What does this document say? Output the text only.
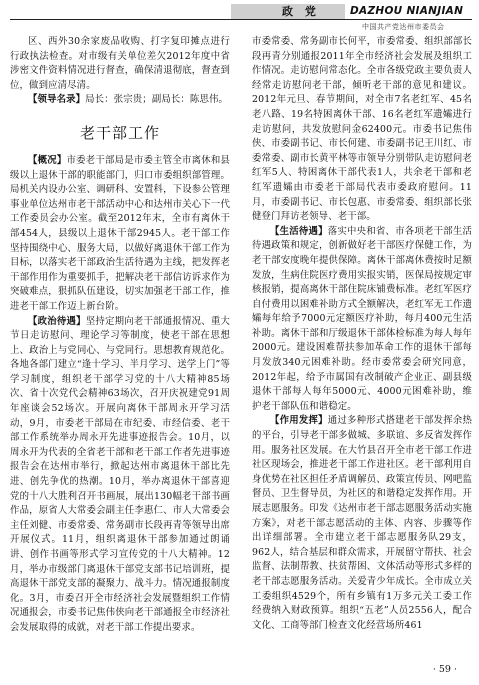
政 党	DAZHOU NIANJIAN
中国共产党达州市委员会

区、西外30余家废品收购、打字复印摊点进行行政执法检查。对市级有关单位差欠2012年度中省涉密文件资料情况进行督查，确保清退彻底，督查到位，做到应清尽清。

【领导名录】局长：张宗贵；副局长：陈思伟。

老干部工作

【概况】市委老干部局是市委主管全市离休和县级以上退休干部的职能部门，归口市委组织部管理。局机关内设办公室、调研科、安置科，下设参公管理事业单位达州市老干部活动中心和达州市关心下一代工作委员会办公室。截至2012年末，全市有离休干部454人，县级以上退休干部2945人。老干部工作坚持围绕中心、服务大局，以做好离退休干部工作为目标，以落实老干部政治生活待遇为主线，把发挥老干部作用作为重要抓手，把解决老干部信访诉求作为突破难点，狠抓队伍建设，切实加强老干部工作，推进老干部工作迈上新台阶。

【政治待遇】坚持定期向老干部通报情况、重大节日走访慰问、理论学习等制度，使老干部在思想上、政治上与党同心、与党同行。思想教育规范化。各地各部门建立“逢十学习、半月学习、送学上门”等学习制度，组织老干部学习党的十八大精神85场次、省十次党代会精神63场次，召开庆祝建党91周年座谈会52场次。开展向离休干部周永开学习活动，9月，市委老干部局在市纪委、市经信委、老干部工作系统举办周永开先进事迹报告会。10月，以周永开为代表的全省老干部和老干部工作者先进事迹报告会在达州市举行，掀起达州市离退休干部比先进、创先争优的热潮。10月，举办离退休干部喜迎党的十八大胜利召开书画展，展出130幅老干部书画作品，原省人大常委会副主任李惠仁、市人大常委会主任刘健、市委常委、常务副市长段再青等领导出席开展仪式。11月，组织离退休干部参加通过朗诵讲、创作书画等形式学习宣传党的十八大精神。12月，举办市级部门离退休干部党支部书记培训班，提高退休干部党支部的凝聚力、战斗力。情况通报制度化。3月，市委召开全市经济社会发展暨组织工作情况通报会，市委书记焦伟侠向老干部通报全市经济社会发展取得的成就，对老干部工作提出要求。

市委常委、常务副市长何平，市委常委、组织部部长段再青分别通报2011年全市经济社会发展及组织工作情况。走访慰问常态化。全市各级党政主要负责人经常走访慰问老干部，倾听老干部的意见和建议。2012年元旦、春节期间，对全市7名老红军、45名老八路、19名特困离休干部、16名老红军遗孀进行走访慰问，共发放慰问金62400元。市委书记焦伟侠、市委副书记、市长何建、市委副书记王川红、市委常委、副市长黄平林等市领导分别带队走访慰问老红军5人、特困离休干部代表1人，共余老干部和老红军遗孀由市委老干部局代表市委政府慰问。11月，市委副书记、市长包惠、市委常委、组织部长张健登门拜访老领导、老干部。

【生活待遇】落实中央和省、市各项老干部生活待遇政策和规定，创新做好老干部医疗保健工作，为老干部安度晚年提供保障。离休干部离休费按时足额发放，生病住院医疗费用实报实销，医保局按规定审核报销，提高离休干部住院床铺费标准。老红军医疗自付费用以困难补助方式全额解决，老红军无工作遗孀每年给予7000元定额医疗补助，每月400元生活补助。离休干部和厅级退休干部体检标准为每人每年2000元。建设困难帮扶参加革命工作的退休干部每月发放340元困难补助。经市委常委会研究同意，2012年起，给予市属国有改制破产企业正、副县级退休干部每人每年5000元、4000元困难补助，维护老干部队伍和谐稳定。

【作用发挥】通过多种形式搭建老干部发挥余热的平台，引导老干部多做城、多联谊、多反省发挥作用。服务社区发展。在大竹县召开全市老干部工作进社区现场会，推进老干部工作进社区。老干部利用自身优势在社区担任矛盾调解员、政策宣传员、网吧监督员、卫生督导员，为社区的和谐稳定发挥作用。开展志愿服务。印发《达州市老干部志愿服务活动实施方案》，对老干部志愿活动的主体、内容、步骤等作出详细部署。全市建立老干部志愿服务队29支，962人，结合基层和群众需求，开展留守帮扶、社会监督、法制帮教、扶贫帮困、文体活动等形式多样的老干部志愿服务活动。关爱青少年成长。全市成立关工委组织4529个，所有乡镇有1万多元关工委工作经费纳入财政预算。组织“五老”人员2556人，配合文化、工商等部门检查文化经营场所461

· 59 ·
